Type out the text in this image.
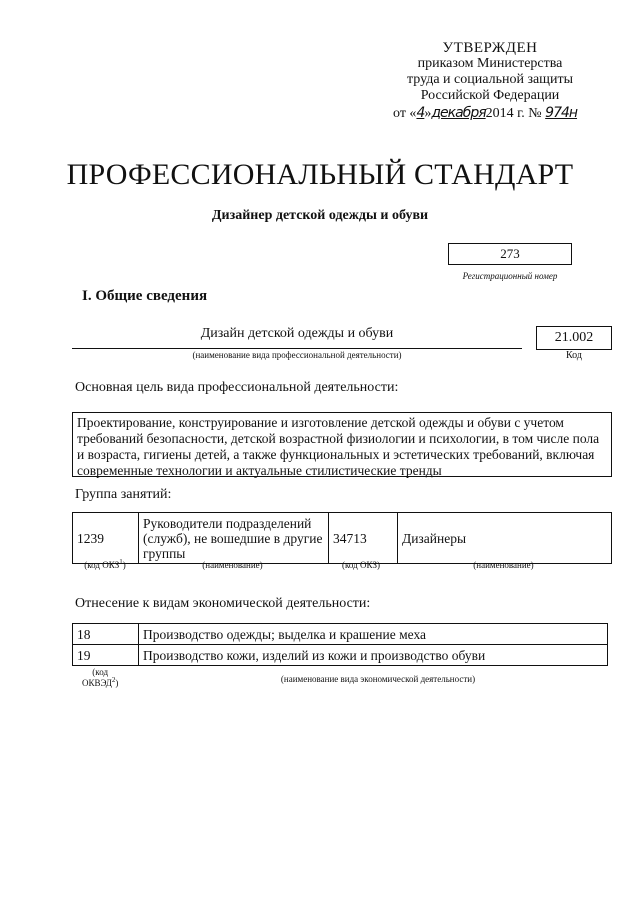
УТВЕРЖДЕН
приказом Министерства
труда и социальной защиты
Российской Федерации
от «4»декабря2014 г. № 974н
ПРОФЕССИОНАЛЬНЫЙ СТАНДАРТ
Дизайнер детской одежды и обуви
273
Регистрационный номер
I. Общие сведения
Дизайн детской одежды и обуви
(наименование вида профессиональной деятельности)
21.002
Код
Основная цель вида профессиональной деятельности:
Проектирование, конструирование и изготовление детской одежды и обуви с учетом требований безопасности, детской возрастной физиологии и психологии, в том числе пола и возраста, гигиены детей, а также функциональных и эстетических требований, включая современные технологии и актуальные стилистические тренды
Группа занятий:
1239	Руководители подразделений (служб), не вошедшие в другие группы	34713	Дизайнеры
(код ОКЗ$^1$)	(наименование)	(код ОКЗ)	(наименование)
Отнесение к видам экономической деятельности:
18	Производство одежды; выделка и крашение меха
19	Производство кожи, изделий из кожи и производство обуви
(код
ОКВЭД$^2$)	(наименование вида экономической деятельности)
